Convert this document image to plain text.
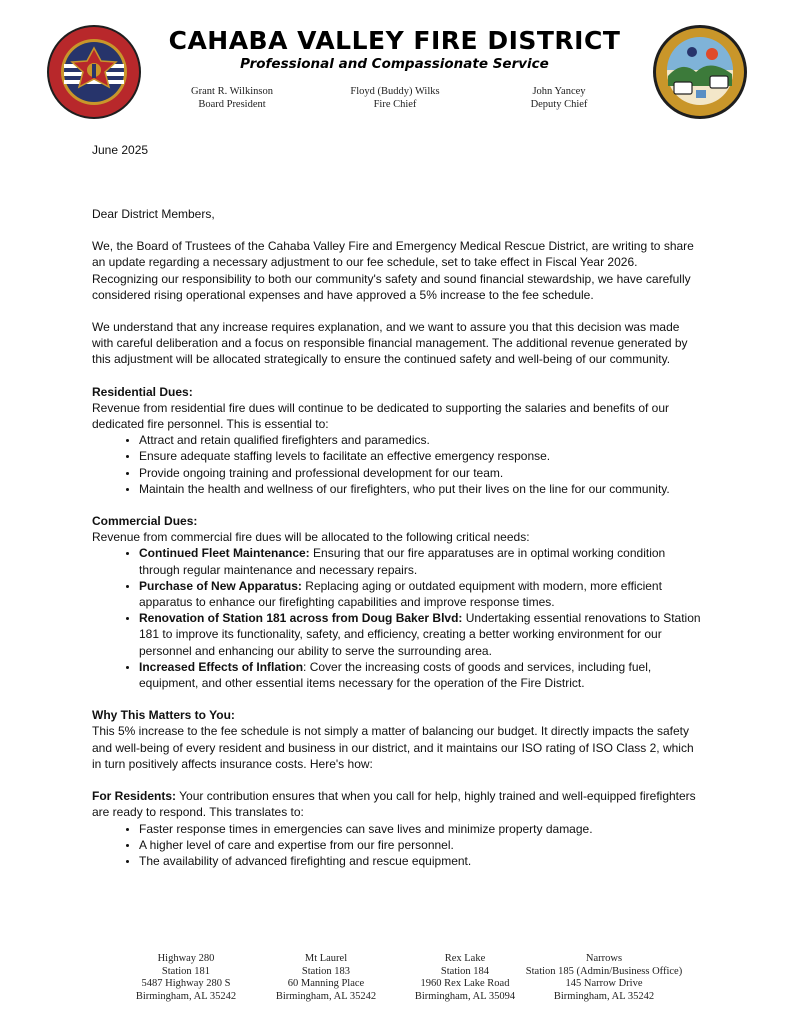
CAHABA VALLEY FIRE DISTRICT
Professional and Compassionate Service
Grant R. Wilkinson
Board President
Floyd (Buddy) Wilks
Fire Chief
John Yancey
Deputy Chief
June 2025

Dear District Members,

We, the Board of Trustees of the Cahaba Valley Fire and Emergency Medical Rescue District, are writing to share an update regarding a necessary adjustment to our fee schedule, set to take effect in Fiscal Year 2026. Recognizing our responsibility to both our community's safety and sound financial stewardship, we have carefully considered rising operational expenses and have approved a 5% increase to the fee schedule.

We understand that any increase requires explanation, and we want to assure you that this decision was made with careful deliberation and a focus on responsible financial management. The additional revenue generated by this adjustment will be allocated strategically to ensure the continued safety and well-being of our community.

Residential Dues:

Revenue from residential fire dues will continue to be dedicated to supporting the salaries and benefits of our dedicated fire personnel. This is essential to:

• Attract and retain qualified firefighters and paramedics.
• Ensure adequate staffing levels to facilitate an effective emergency response.
• Provide ongoing training and professional development for our team.
• Maintain the health and wellness of our firefighters, who put their lives on the line for our community.
Commercial Dues:

Revenue from commercial fire dues will be allocated to the following critical needs:

• Continued Fleet Maintenance: Ensuring that our fire apparatuses are in optimal working condition through regular maintenance and necessary repairs.
• Purchase of New Apparatus: Replacing aging or outdated equipment with modern, more efficient apparatus to enhance our firefighting capabilities and improve response times.
• Renovation of Station 181 across from Doug Baker Blvd: Undertaking essential renovations to Station 181 to improve its functionality, safety, and efficiency, creating a better working environment for our personnel and enhancing our ability to serve the surrounding area.
• Increased Effects of Inflation: Cover the increasing costs of goods and services, including fuel, equipment, and other essential items necessary for the operation of the Fire District.
Why This Matters to You:

This 5% increase to the fee schedule is not simply a matter of balancing our budget. It directly impacts the safety and well-being of every resident and business in our district, and it maintains our ISO rating of ISO Class 2, which in turn positively affects insurance costs. Here's how:

For Residents: Your contribution ensures that when you call for help, highly trained and well-equipped firefighters are ready to respond. This translates to:

• Faster response times in emergencies can save lives and minimize property damage.
• A higher level of care and expertise from our fire personnel.
• The availability of advanced firefighting and rescue equipment.
Highway 280
Station 181
5487 Highway 280 S
Birmingham, AL 35242
Mt Laurel
Station 183
60 Manning Place
Birmingham, AL 35242
Rex Lake
Station 184
1960 Rex Lake Road
Birmingham, AL 35094
Narrows
Station 185 (Admin/Business Office)
145 Narrow Drive
Birmingham, AL 35242
